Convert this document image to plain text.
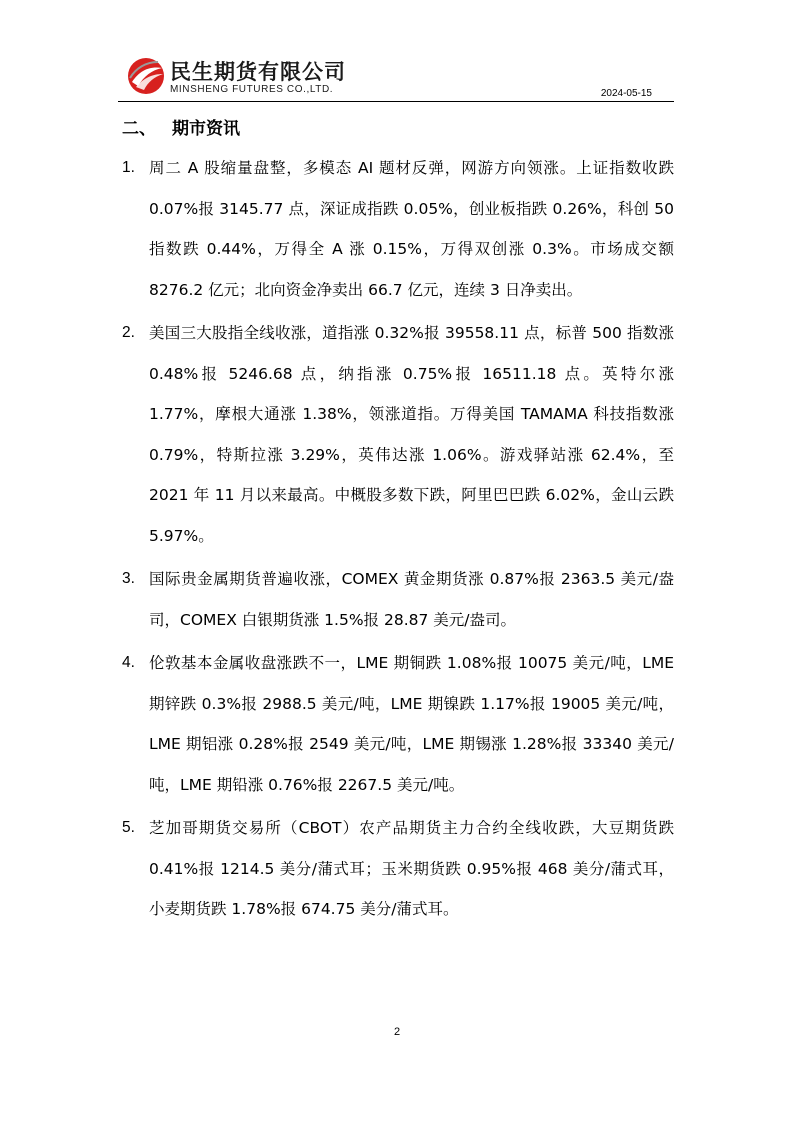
民生期货有限公司
MINSHENG FUTURES CO.,LTD.	2024-05-15
二、 期市资讯
1. 周二 A 股缩量盘整，多模态 AI 题材反弹，网游方向领涨。上证指数收跌 0.07%报 3145.77 点，深证成指跌 0.05%，创业板指跌 0.26%，科创 50 指数跌 0.44%，万得全 A 涨 0.15%，万得双创涨 0.3%。市场成交额 8276.2 亿元；北向资金净卖出 66.7 亿元，连续 3 日净卖出。
2. 美国三大股指全线收涨，道指涨 0.32%报 39558.11 点，标普 500 指数涨 0.48%报 5246.68 点，纳指涨 0.75%报 16511.18 点。英特尔涨 1.77%，摩根大通涨 1.38%，领涨道指。万得美国 TAMAMA 科技指数涨 0.79%，特斯拉涨 3.29%，英伟达涨 1.06%。游戏驿站涨 62.4%，至 2021 年 11 月以来最高。中概股多数下跌，阿里巴巴跌 6.02%，金山云跌 5.97%。
3. 国际贵金属期货普遍收涨，COMEX 黄金期货涨 0.87%报 2363.5 美元/盎司，COMEX 白银期货涨 1.5%报 28.87 美元/盎司。
4. 伦敦基本金属收盘涨跌不一，LME 期铜跌 1.08%报 10075 美元/吨，LME 期锌跌 0.3%报 2988.5 美元/吨，LME 期镍跌 1.17%报 19005 美元/吨，LME 期铝涨 0.28%报 2549 美元/吨，LME 期锡涨 1.28%报 33340 美元/吨，LME 期铅涨 0.76%报 2267.5 美元/吨。
5. 芝加哥期货交易所（CBOT）农产品期货主力合约全线收跌，大豆期货跌 0.41%报 1214.5 美分/蒲式耳；玉米期货跌 0.95%报 468 美分/蒲式耳，小麦期货跌 1.78%报 674.75 美分/蒲式耳。
2
